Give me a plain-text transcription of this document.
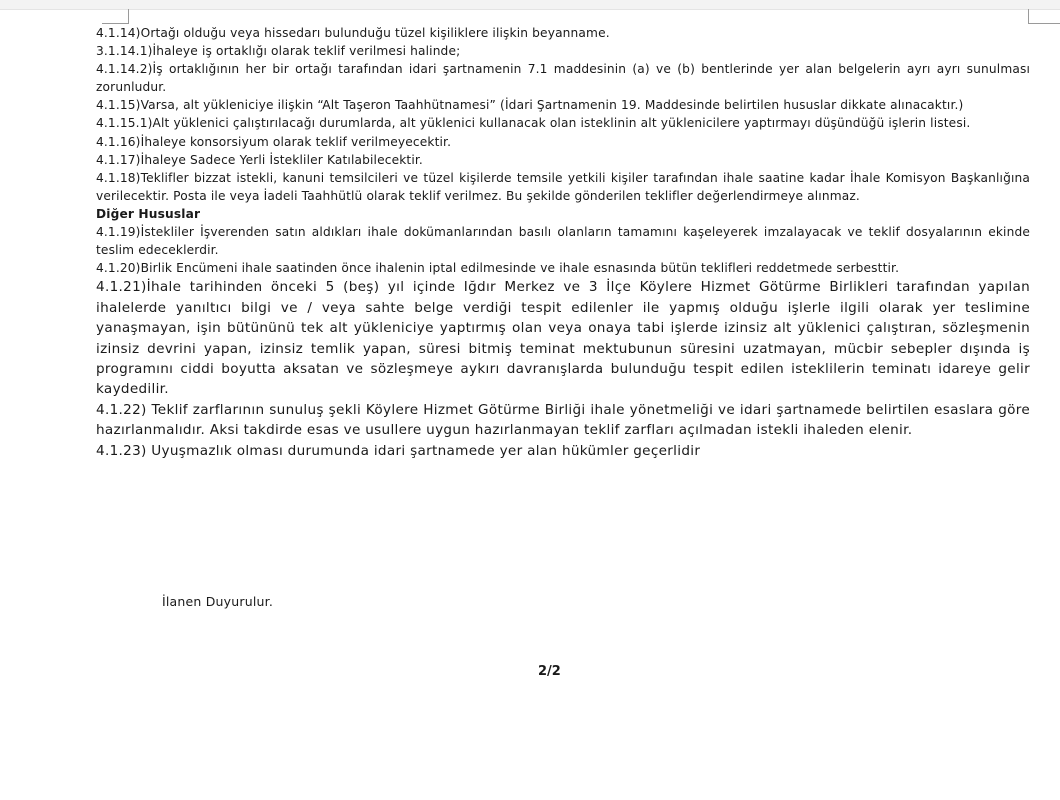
4.1.14)Ortağı olduğu veya hissedarı bulunduğu tüzel kişiliklere ilişkin beyanname.

3.1.14.1)İhaleye iş ortaklığı olarak teklif verilmesi halinde;

4.1.14.2)İş ortaklığının her bir ortağı tarafından idari şartnamenin 7.1 maddesinin (a) ve (b) bentlerinde yer alan belgelerin ayrı ayrı sunulması zorunludur.

4.1.15)Varsa, alt yükleniciye ilişkin “Alt Taşeron Taahhütnamesi” (İdari Şartnamenin 19. Maddesinde belirtilen hususlar dikkate alınacaktır.)

4.1.15.1)Alt yüklenici çalıştırılacağı durumlarda, alt yüklenici kullanacak olan isteklinin alt yüklenicilere yaptırmayı düşündüğü işlerin listesi.

4.1.16)İhaleye konsorsiyum olarak teklif verilmeyecektir.

4.1.17)İhaleye Sadece Yerli İstekliler Katılabilecektir.

4.1.18)Teklifler bizzat istekli, kanuni temsilcileri ve tüzel kişilerde temsile yetkili kişiler tarafından ihale saatine kadar İhale Komisyon Başkanlığına verilecektir. Posta ile veya İadeli Taahhütlü olarak teklif verilmez. Bu şekilde gönderilen teklifler değerlendirmeye alınmaz.

Diğer Hususlar

4.1.19)İstekliler İşverenden satın aldıkları ihale dokümanlarından basılı olanların tamamını kaşeleyerek imzalayacak ve teklif dosyalarının ekinde teslim edeceklerdir.

4.1.20)Birlik Encümeni ihale saatinden önce ihalenin iptal edilmesinde ve ihale esnasında bütün teklifleri reddetmede serbesttir.

4.1.21)İhale tarihinden önceki 5 (beş) yıl içinde Iğdır Merkez ve 3 İlçe Köylere Hizmet Götürme Birlikleri tarafından yapılan ihalelerde yanıltıcı bilgi ve / veya sahte belge verdiği tespit edilenler ile yapmış olduğu işlerle ilgili olarak yer teslimine yanaşmayan, işin bütününü tek alt yükleniciye yaptırmış olan veya onaya tabi işlerde izinsiz alt yüklenici çalıştıran, sözleşmenin izinsiz devrini yapan, izinsiz temlik yapan, süresi bitmiş teminat mektubunun süresini uzatmayan, mücbir sebepler dışında iş programını ciddi boyutta aksatan ve sözleşmeye aykırı davranışlarda bulunduğu tespit edilen isteklilerin teminatı idareye gelir kaydedilir.

4.1.22) Teklif zarflarının sunuluş şekli Köylere Hizmet Götürme Birliği ihale yönetmeliği ve idari şartnamede belirtilen esaslara göre hazırlanmalıdır. Aksi takdirde esas ve usullere uygun hazırlanmayan teklif zarfları açılmadan istekli ihaleden elenir.

4.1.23) Uyuşmazlık olması durumunda idari şartnamede yer alan hükümler geçerlidir

İlanen Duyurulur.
2/2
